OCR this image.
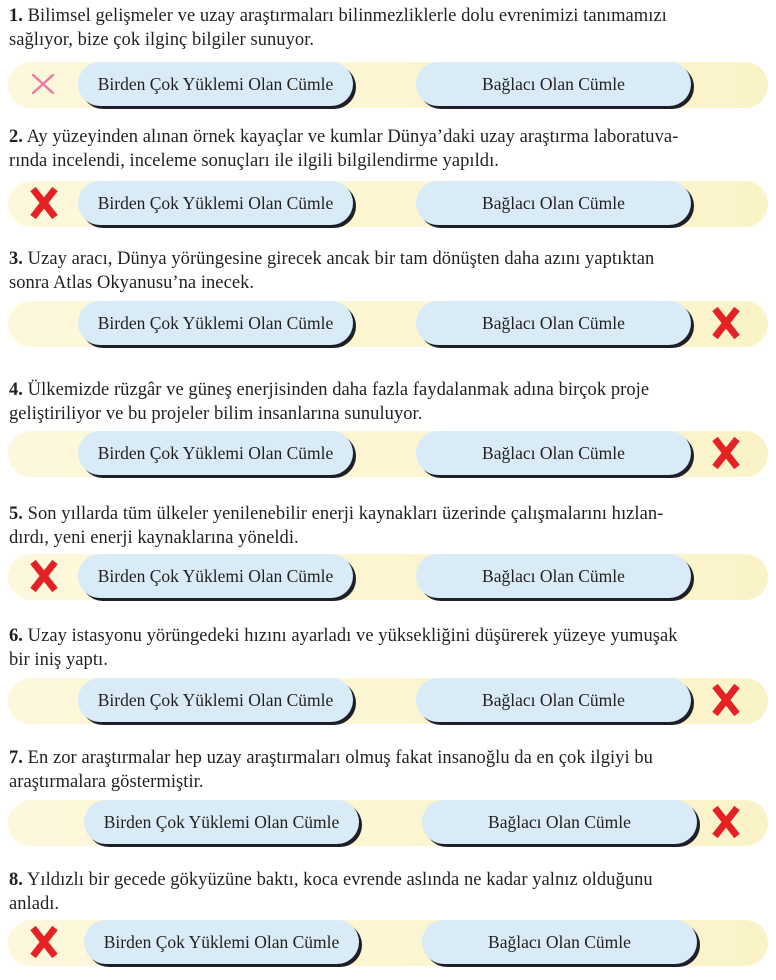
1. Bilimsel gelişmeler ve uzay araştırmaları bilinmezliklerle dolu evrenimizi tanımamızı
sağlıyor, bize çok ilginç bilgiler sunuyor.

Birden Çok Yüklemi Olan Cümle	Bağlacı Olan Cümle

2. Ay yüzeyinden alınan örnek kayaçlar ve kumlar Dünya’daki uzay araştırma laboratuva-
rında incelendi, inceleme sonuçları ile ilgili bilgilendirme yapıldı.

Birden Çok Yüklemi Olan Cümle	Bağlacı Olan Cümle

3. Uzay aracı, Dünya yörüngesine girecek ancak bir tam dönüşten daha azını yaptıktan
sonra Atlas Okyanusu’na inecek.

Birden Çok Yüklemi Olan Cümle	Bağlacı Olan Cümle

4. Ülkemizde rüzgâr ve güneş enerjisinden daha fazla faydalanmak adına birçok proje
geliştiriliyor ve bu projeler bilim insanlarına sunuluyor.

Birden Çok Yüklemi Olan Cümle	Bağlacı Olan Cümle

5. Son yıllarda tüm ülkeler yenilenebilir enerji kaynakları üzerinde çalışmalarını hızlan-
dırdı, yeni enerji kaynaklarına yöneldi.

Birden Çok Yüklemi Olan Cümle	Bağlacı Olan Cümle

6. Uzay istasyonu yörüngedeki hızını ayarladı ve yüksekliğini düşürerek yüzeye yumuşak
bir iniş yaptı.

Birden Çok Yüklemi Olan Cümle	Bağlacı Olan Cümle

7. En zor araştırmalar hep uzay araştırmaları olmuş fakat insanoğlu da en çok ilgiyi bu
araştırmalara göstermiştir.

Birden Çok Yüklemi Olan Cümle	Bağlacı Olan Cümle

8. Yıldızlı bir gecede gökyüzüne baktı, koca evrende aslında ne kadar yalnız olduğunu
anladı.

Birden Çok Yüklemi Olan Cümle	Bağlacı Olan Cümle
